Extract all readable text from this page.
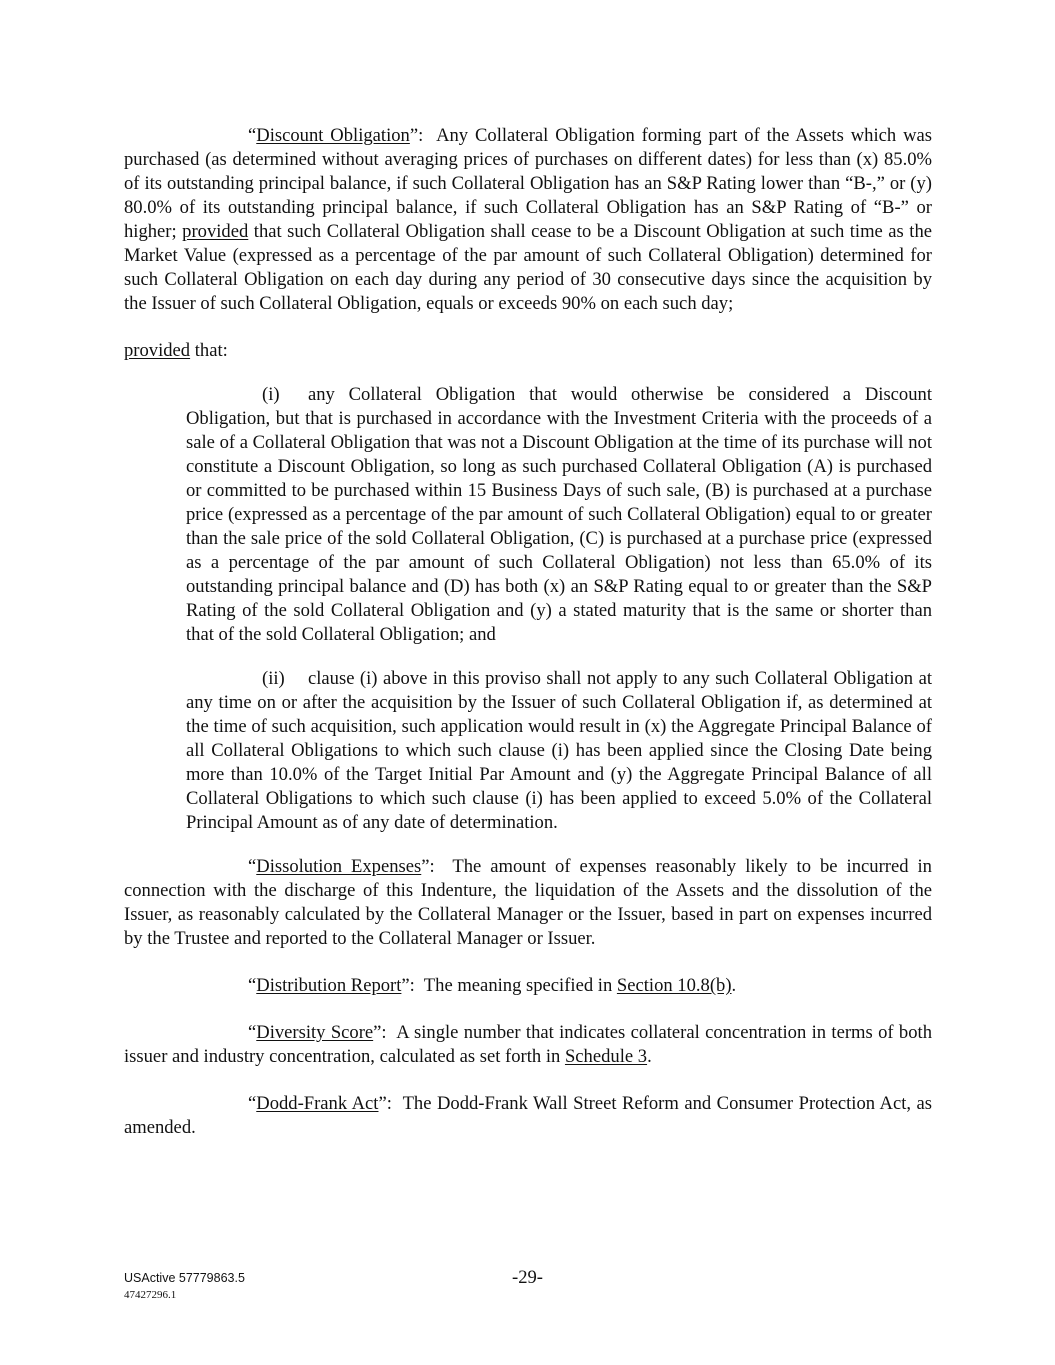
“Discount Obligation”:  Any Collateral Obligation forming part of the Assets which was purchased (as determined without averaging prices of purchases on different dates) for less than (x) 85.0% of its outstanding principal balance, if such Collateral Obligation has an S&P Rating lower than “B-,” or (y) 80.0% of its outstanding principal balance, if such Collateral Obligation has an S&P Rating of “B-” or higher; provided that such Collateral Obligation shall cease to be a Discount Obligation at such time as the Market Value (expressed as a percentage of the par amount of such Collateral Obligation) determined for such Collateral Obligation on each day during any period of 30 consecutive days since the acquisition by the Issuer of such Collateral Obligation, equals or exceeds 90% on each such day;

provided that:

(i) any Collateral Obligation that would otherwise be considered a Discount Obligation, but that is purchased in accordance with the Investment Criteria with the proceeds of a sale of a Collateral Obligation that was not a Discount Obligation at the time of its purchase will not constitute a Discount Obligation, so long as such purchased Collateral Obligation (A) is purchased or committed to be purchased within 15 Business Days of such sale, (B) is purchased at a purchase price (expressed as a percentage of the par amount of such Collateral Obligation) equal to or greater than the sale price of the sold Collateral Obligation, (C) is purchased at a purchase price (expressed as a percentage of the par amount of such Collateral Obligation) not less than 65.0% of its outstanding principal balance and (D) has both (x) an S&P Rating equal to or greater than the S&P Rating of the sold Collateral Obligation and (y) a stated maturity that is the same or shorter than that of the sold Collateral Obligation; and

(ii) clause (i) above in this proviso shall not apply to any such Collateral Obligation at any time on or after the acquisition by the Issuer of such Collateral Obligation if, as determined at the time of such acquisition, such application would result in (x) the Aggregate Principal Balance of all Collateral Obligations to which such clause (i) has been applied since the Closing Date being more than 10.0% of the Target Initial Par Amount and (y) the Aggregate Principal Balance of all Collateral Obligations to which such clause (i) has been applied to exceed 5.0% of the Collateral Principal Amount as of any date of determination.

“Dissolution Expenses”:  The amount of expenses reasonably likely to be incurred in connection with the discharge of this Indenture, the liquidation of the Assets and the dissolution of the Issuer, as reasonably calculated by the Collateral Manager or the Issuer, based in part on expenses incurred by the Trustee and reported to the Collateral Manager or Issuer.

“Distribution Report”:  The meaning specified in Section 10.8(b).

“Diversity Score”:  A single number that indicates collateral concentration in terms of both issuer and industry concentration, calculated as set forth in Schedule 3.

“Dodd-Frank Act”:  The Dodd-Frank Wall Street Reform and Consumer Protection Act, as amended.

USActive 57779863.5
47427296.1
-29-
